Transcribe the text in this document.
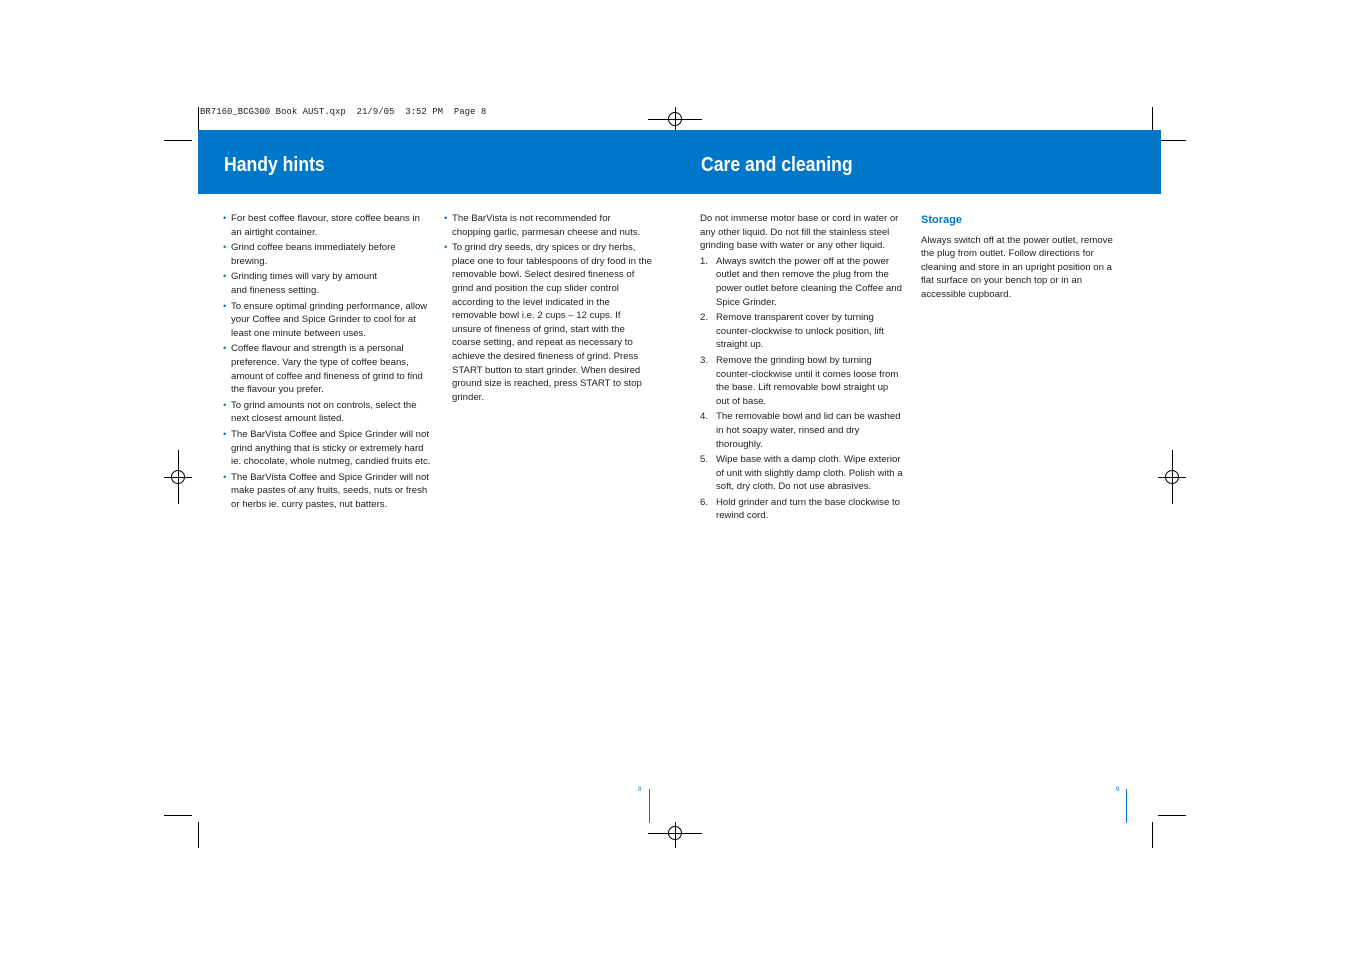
BR7160_BCG300 Book AUST.qxp  21/9/05  3:52 PM  Page 8
Handy hints	Care and cleaning
• For best coffee flavour, store coffee beans in an airtight container.
• Grind coffee beans immediately before brewing.
• Grinding times will vary by amount and fineness setting.
• To ensure optimal grinding performance, allow your Coffee and Spice Grinder to cool for at least one minute between uses.
• Coffee flavour and strength is a personal preference. Vary the type of coffee beans, amount of coffee and fineness of grind to find the flavour you prefer.
• To grind amounts not on controls, select the next closest amount listed.
• The BarVista Coffee and Spice Grinder will not grind anything that is sticky or extremely hard ie. chocolate, whole nutmeg, candied fruits etc.
• The BarVista Coffee and Spice Grinder will not make pastes of any fruits, seeds, nuts or fresh or herbs ie. curry pastes, nut batters.
• The BarVista is not recommended for chopping garlic, parmesan cheese and nuts.
• To grind dry seeds, dry spices or dry herbs, place one to four tablespoons of dry food in the removable bowl. Select desired fineness of grind and position the cup slider control according to the level indicated in the removable bowl i.e. 2 cups – 12 cups. If unsure of fineness of grind, start with the coarse setting, and repeat as necessary to achieve the desired fineness of grind. Press START button to start grinder. When desired ground size is reached, press START to stop grinder.

Do not immerse motor base or cord in water or any other liquid. Do not fill the stainless steel grinding base with water or any other liquid.

1. Always switch the power off at the power outlet and then remove the plug from the power outlet before cleaning the Coffee and Spice Grinder.
2. Remove transparent cover by turning counter-clockwise to unlock position, lift straight up.
3. Remove the grinding bowl by turning counter-clockwise until it comes loose from the base. Lift removable bowl straight up out of base.
4. The removable bowl and lid can be washed in hot soapy water, rinsed and dry thoroughly.
5. Wipe base with a damp cloth. Wipe exterior of unit with slightly damp cloth. Polish with a soft, dry cloth. Do not use abrasives.
6. Hold grinder and turn the base clockwise to rewind cord.
Storage

Always switch off at the power outlet, remove the plug from outlet. Follow directions for cleaning and store in an upright position on a flat surface on your bench top or in an accessible cupboard.

8	9
